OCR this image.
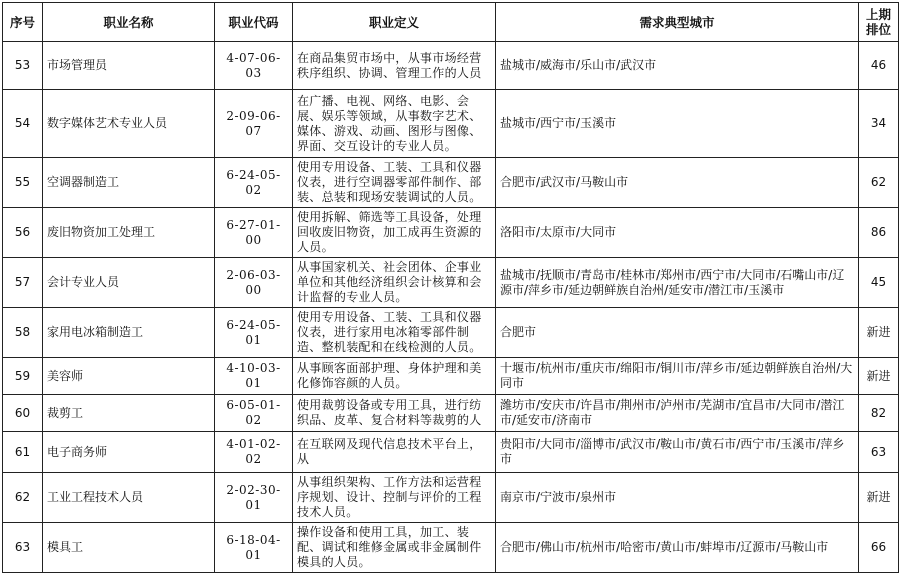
序号	职业名称	职业代码	职业定义	需求典型城市	上期
排位
53	市场管理员	4-07-06-03	在商品集贸市场中，从事市场经营秩序组织、协调、管理工作的人员	盐城市/威海市/乐山市/武汉市	46
54	数字媒体艺术专业人员	2-09-06-07	在广播、电视、网络、电影、会展、娱乐等领域，从事数字艺术、媒体、游戏、动画、图形与图像、界面、交互设计的专业人员。	盐城市/西宁市/玉溪市	34
55	空调器制造工	6-24-05-02	使用专用设备、工装、工具和仪器仪表，进行空调器零部件制作、部装、总装和现场安装调试的人员。	合肥市/武汉市/马鞍山市	62
56	废旧物资加工处理工	6-27-01-00	使用拆解、筛选等工具设备，处理回收废旧物资，加工成再生资源的人员。	洛阳市/太原市/大同市	86
57	会计专业人员	2-06-03-00	从事国家机关、社会团体、企事业单位和其他经济组织会计核算和会计监督的专业人员。	盐城市/抚顺市/青岛市/桂林市/郑州市/西宁市/大同市/石嘴山市/辽源市/萍乡市/延边朝鲜族自治州/延安市/潜江市/玉溪市	45
58	家用电冰箱制造工	6-24-05-01	使用专用设备、工装、工具和仪器仪表，进行家用电冰箱零部件制造、整机装配和在线检测的人员。	合肥市	新进
59	美容师	4-10-03-01	从事顾客面部护理、身体护理和美化修饰容颜的人员。	十堰市/杭州市/重庆市/绵阳市/铜川市/萍乡市/延边朝鲜族自治州/大同市	新进
60	裁剪工	6-05-01-02	使用裁剪设备或专用工具，进行纺织品、皮革、复合材料等裁剪的人	潍坊市/安庆市/许昌市/荆州市/泸州市/芜湖市/宜昌市/大同市/潜江市/延安市/济南市	82
61	电子商务师	4-01-02-02	在互联网及现代信息技术平台上，从	贵阳市/大同市/淄博市/武汉市/鞍山市/黄石市/西宁市/玉溪市/萍乡市	63
62	工业工程技术人员	2-02-30-01	从事组织架构、工作方法和运营程序规划、设计、控制与评价的工程技术人员。	南京市/宁波市/泉州市	新进
63	模具工	6-18-04-01	操作设备和使用工具，加工、装配、调试和维修金属或非金属制件模具的人员。	合肥市/佛山市/杭州市/哈密市/黄山市/蚌埠市/辽源市/马鞍山市	66
